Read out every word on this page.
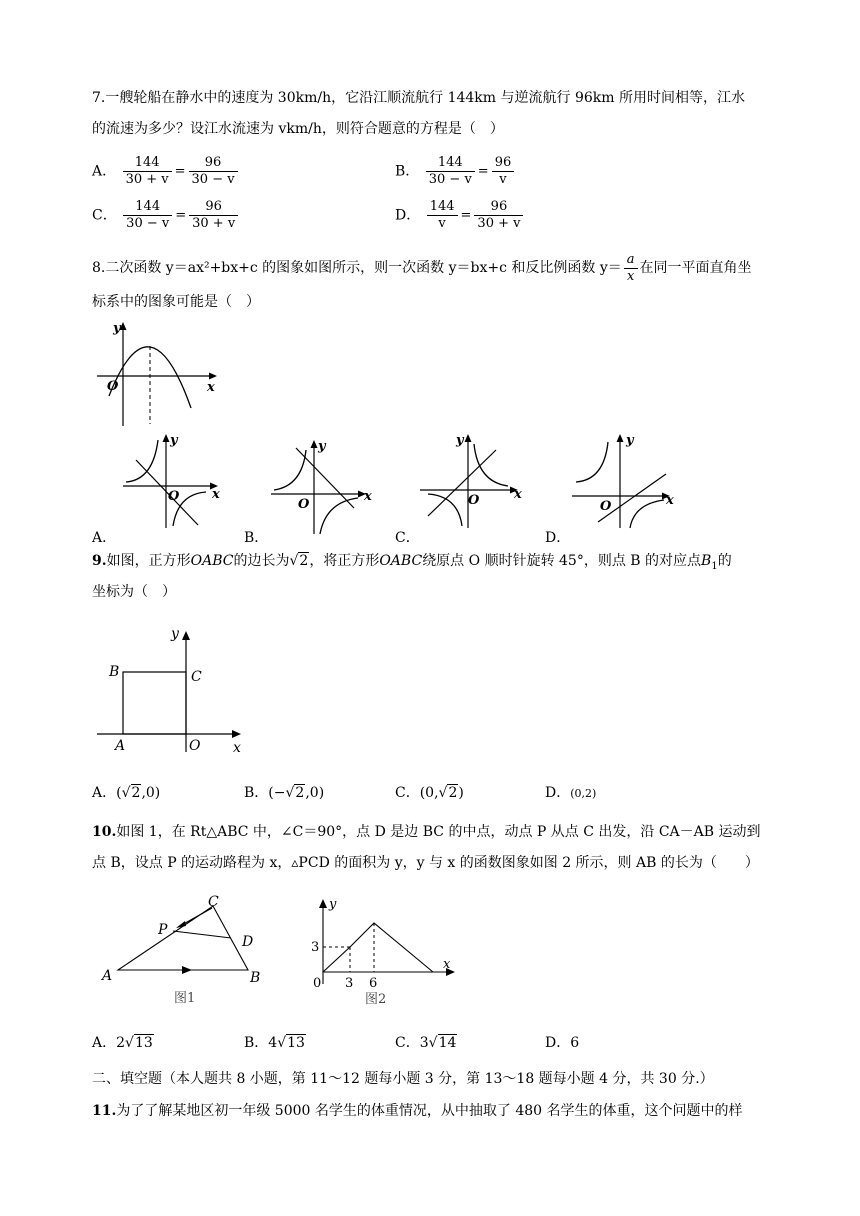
7.一艘轮船在静水中的速度为 30km/h，它沿江顺流航行 144km 与逆流航行 96km 所用时间相等，江水
的流速为多少？设江水流速为 vkm/h，则符合题意的方程是（　）
A． $\frac{144}{30 + v} = \frac{96}{30 - v}$	B． $\frac{144}{30 - v} = \frac{96}{v}$
C． $\frac{144}{30 - v} = \frac{96}{30 + v}$	D． $\frac{144}{v} = \frac{96}{30 + v}$
8.二次函数 y＝ax²+bx+c 的图象如图所示，则一次函数 y＝bx+c 和反比例函数 $y= \frac{a}{x}$ 在同一平面直角坐
标系中的图象可能是（　）
y
x
O
y
x
O
y
x
O
y
x
O
y
x
O
A．	B．	C．	D．
9.如图，正方形OABC的边长为√2，将正方形OABC绕原点 O 顺时针旋转 45°，则点 B 的对应点$B_1$的
坐标为（　）
B	C
A	O x
y
A．(√2,0)	B．(−√2,0)	C．(0,√2)	D．(0,2)
10.如图 1，在 Rt△ABC 中，∠C＝90°，点 D 是边 BC 的中点，动点 P 从点 C 出发，沿 CA－AB 运动到
点 B，设点 P 的运动路程为 x，▵PCD 的面积为 y，y 与 x 的函数图象如图 2 所示，则 AB 的长为（　　）
A	B
C
D
P
图1
y
x
0 3 6
3
图2
A．2√13	B．4√13	C．3√14	D．6
二、填空题（本人题共 8 小题，第 11～12 题每小题 3 分，第 13～18 题每小题 4 分，共 30 分.）
11.为了了解某地区初一年级 5000 名学生的体重情况，从中抽取了 480 名学生的体重，这个问题中的样
